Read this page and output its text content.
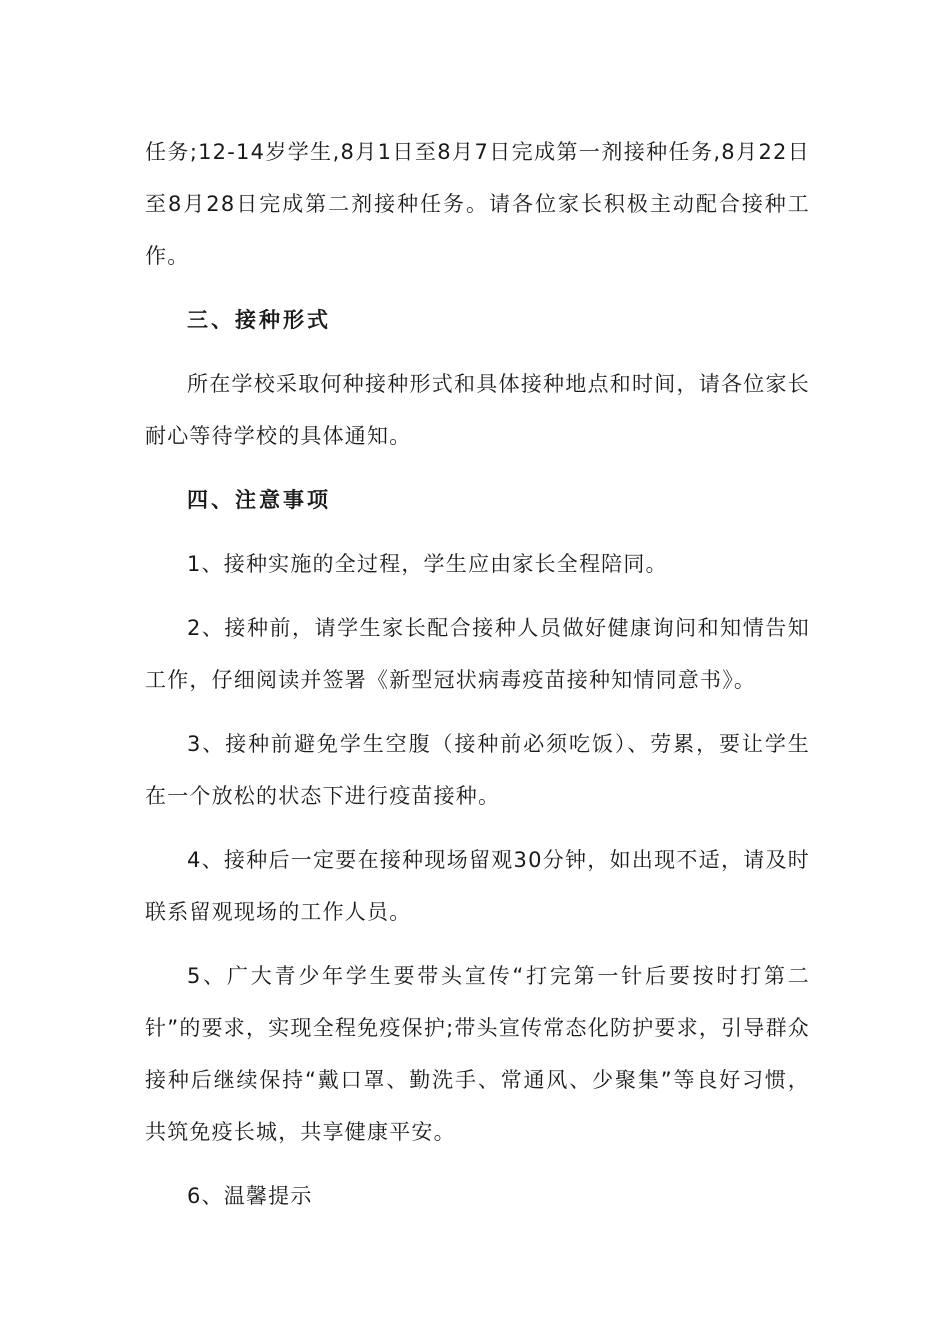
任务;12-14岁学生,8月1日至8月7日完成第一剂接种任务,8月22日至8月28日完成第二剂接种任务。请各位家长积极主动配合接种工作。

三、接种形式

所在学校采取何种接种形式和具体接种地点和时间，请各位家长耐心等待学校的具体通知。

四、注意事项

1、接种实施的全过程，学生应由家长全程陪同。

2、接种前，请学生家长配合接种人员做好健康询问和知情告知工作，仔细阅读并签署《新型冠状病毒疫苗接种知情同意书》。

3、接种前避免学生空腹（接种前必须吃饭）、劳累，要让学生在一个放松的状态下进行疫苗接种。

4、接种后一定要在接种现场留观30分钟，如出现不适，请及时联系留观现场的工作人员。

5、广大青少年学生要带头宣传“打完第一针后要按时打第二针”的要求，实现全程免疫保护;带头宣传常态化防护要求，引导群众接种后继续保持“戴口罩、勤洗手、常通风、少聚集”等良好习惯，共筑免疫长城，共享健康平安。

6、温馨提示
